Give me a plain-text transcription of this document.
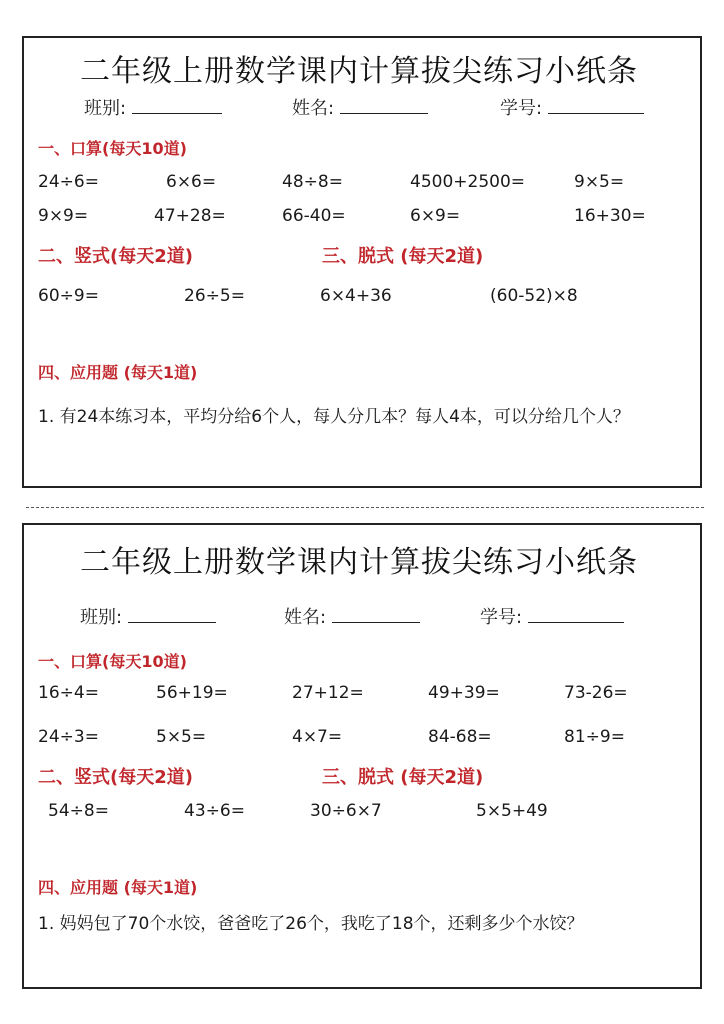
二年级上册数学课内计算拔尖练习小纸条
班别:	姓名:	学号:
一、口算(每天10道)
24÷6=	6×6=	48÷8=	4500+2500=	9×5=
9×9=	47+28=	66-40=	6×9=	16+30=
二、竖式(每天2道)	三、脱式 (每天2道)
60÷9=	26÷5=	6×4+36	(60-52)×8
四、应用题 (每天1道)
1. 有24本练习本，平均分给6个人，每人分几本？每人4本，可以分给几个人？
二年级上册数学课内计算拔尖练习小纸条
班别:	姓名:	学号:
一、口算(每天10道)
16÷4=	56+19=	27+12=	49+39=	73-26=
24÷3=	5×5=	4×7=	84-68=	81÷9=
二、竖式(每天2道)	三、脱式 (每天2道)
54÷8=	43÷6=	30÷6×7	5×5+49
四、应用题 (每天1道)
1. 妈妈包了70个水饺，爸爸吃了26个，我吃了18个，还剩多少个水饺？
